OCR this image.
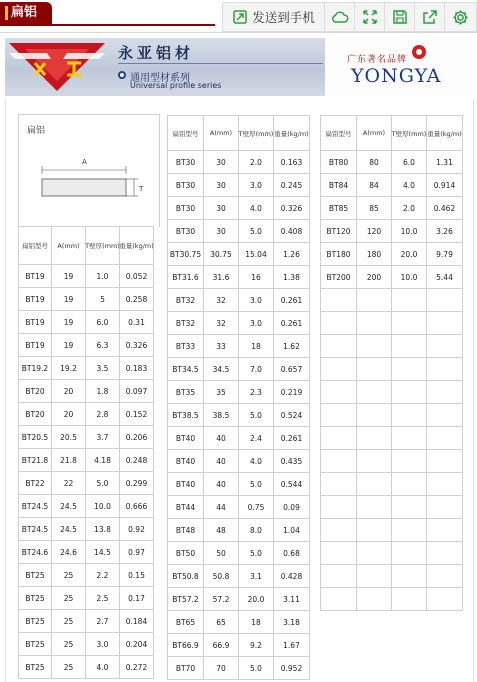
扁铝	发送到手机
永亚铝材
通用型材系列
Universal profile series
广东著名品牌
YONGYA
扁铝
A
T
扁铝型号	A(mm) T壁厚(mm) 重量(kg/m)
BT19	19	1.0	0.052
BT19	19	5	0.258
BT19	19	6.0	0.31
BT19	19	6.3	0.326
BT19.2	19.2	3.5	0.183
BT20	20	1.8	0.097
BT20	20	2.8	0.152
BT20.5	20.5	3.7	0.206
BT21.8	21.8	4.18	0.248
BT22	22	5.0	0.299
BT24.5	24.5	10.0	0.666
BT24.5	24.5	13.8	0.92
BT24.6	24.6	14.5	0.97
BT25	25	2.2	0.15
BT25	25	2.5	0.17
BT25	25	2.7	0.184
BT25	25	3.0	0.204
BT25	25	4.0	0.272
扁铝型号	A(mm)	T壁厚(mm) 重量(kg/m)
BT30	30	2.0	0.163
BT30	30	3.0	0.245
BT30	30	4.0	0.326
BT30	30	5.0	0.408
BT30.75	30.75	15.04	1.26
BT31.6	31.6	16	1.38
BT32	32	3.0	0.261
BT32	32	3.0	0.261
BT33	33	18	1.62
BT34.5	34.5	7.0	0.657
BT35	35	2.3	0.219
BT38.5	38.5	5.0	0.524
BT40	40	2.4	0.261
BT40	40	4.0	0.435
BT40	40	5.0	0.544
BT44	44	0.75	0.09
BT48	48	8.0	1.04
BT50	50	5.0	0.68
BT50.8	50.8	3.1	0.428
BT57.2	57.2	20.0	3.11
BT65	65	18	3.18
BT66.9	66.9	9.2	1.67
BT70	70	5.0	0.952
扁铝型号	A(mm)	T壁厚(mm) 重量(kg/m)
BT80	80	6.0	1.31
BT84	84	4.0	0.914
BT85	85	2.0	0.462
BT120	120	10.0	3.26
BT180	180	20.0	9.79
BT200	200	10.0	5.44
